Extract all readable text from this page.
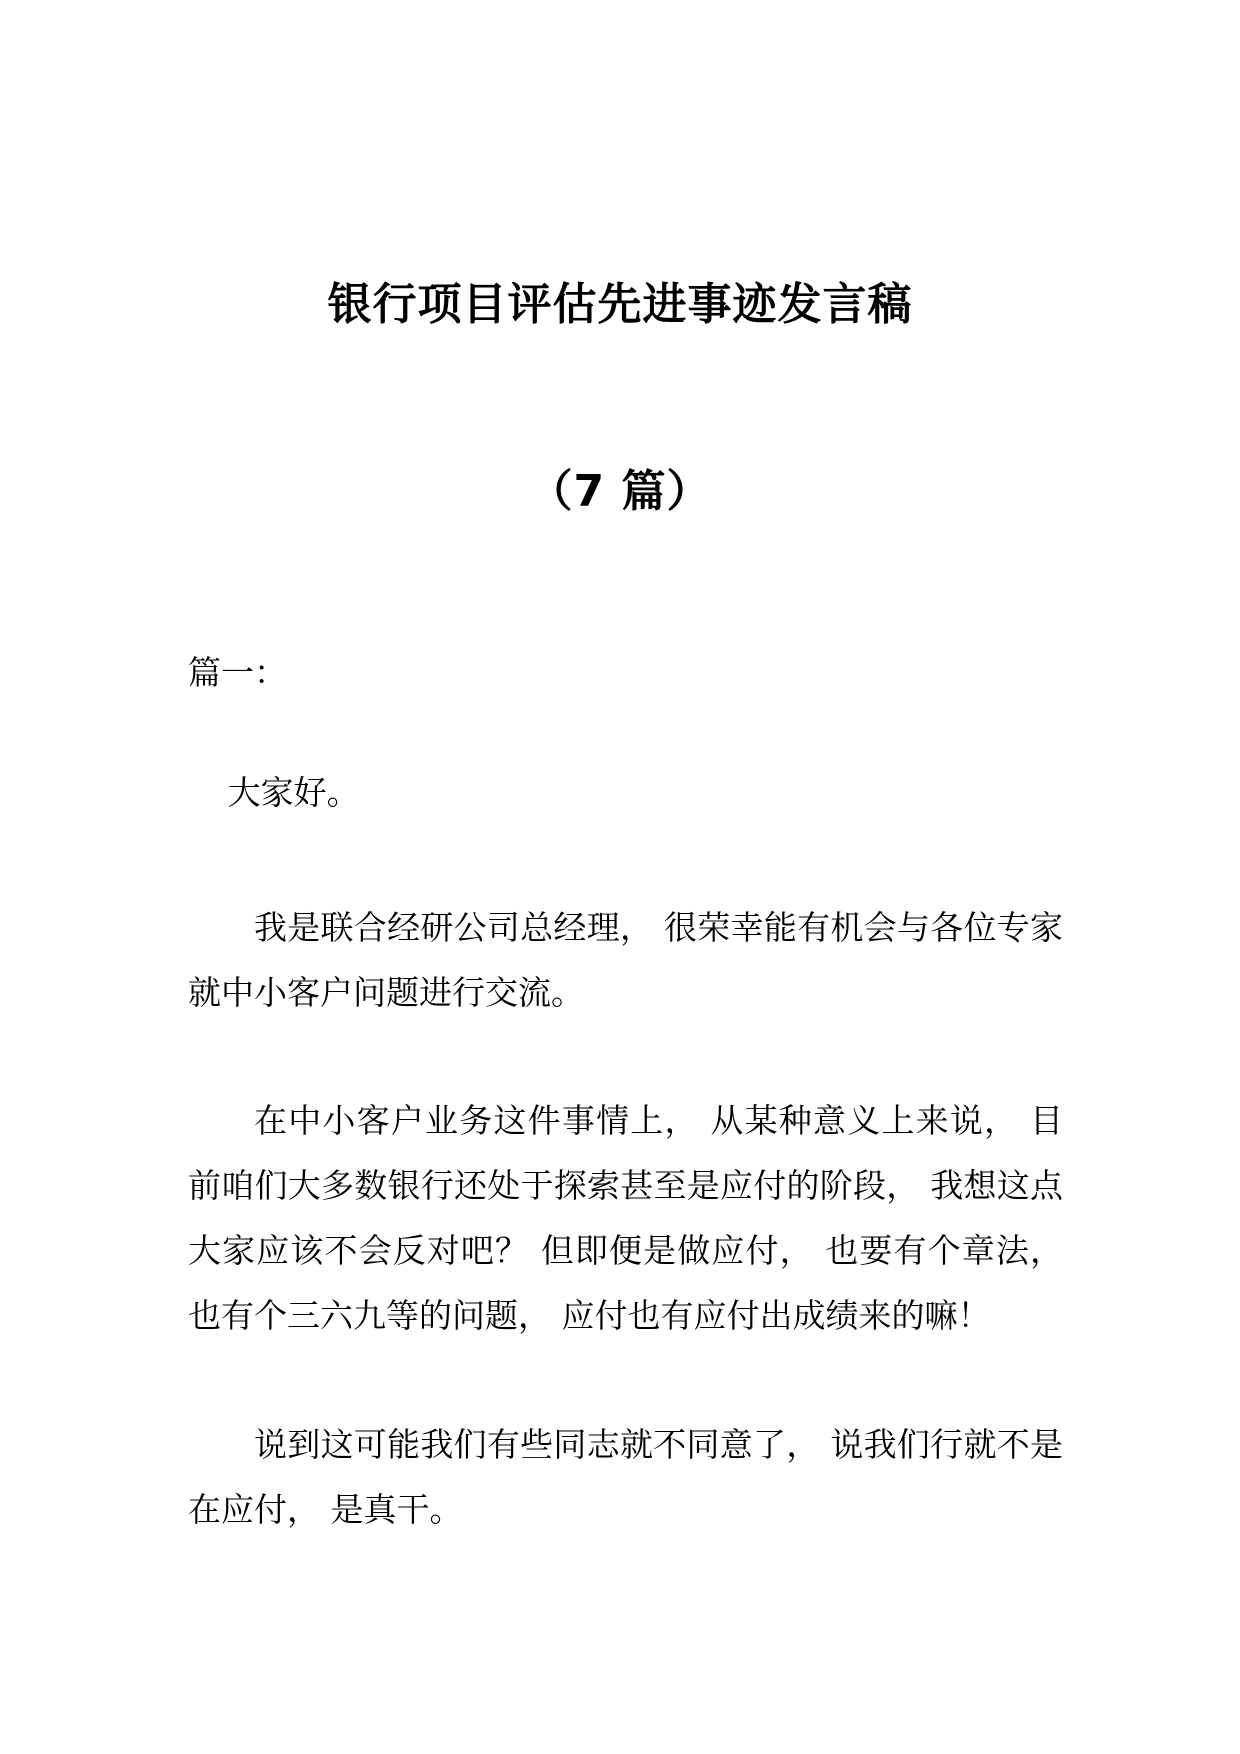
银行项目评估先进事迹发言稿
（7 篇）
篇一：
大家好。
我是联合经研公司总经理， 很荣幸能有机会与各位专家就中小客户问题进行交流。
在中小客户业务这件事情上， 从某种意义上来说， 目前咱们大多数银行还处于探索甚至是应付的阶段， 我想这点大家应该不会反对吧？ 但即便是做应付， 也要有个章法，也有个三六九等的问题， 应付也有应付出成绩来的嘛！
说到这可能我们有些同志就不同意了， 说我们行就不是在应付， 是真干。
